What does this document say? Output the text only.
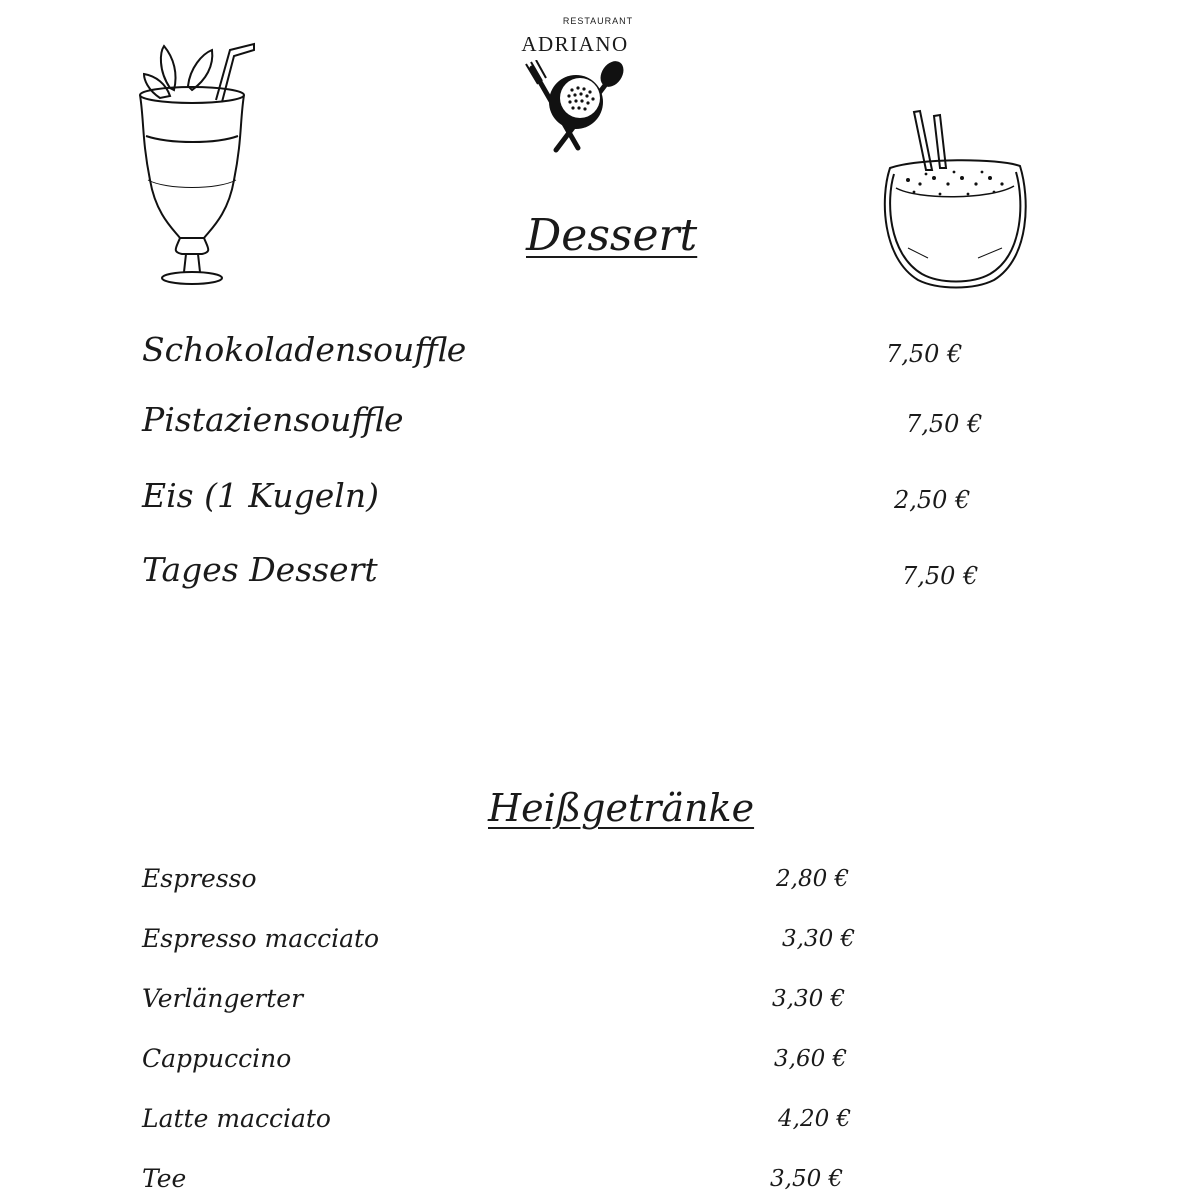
RESTAURANT
ADRIANO
Dessert
Schokoladensouffle	7,50 €
Pistaziensouffle	7,50 €
Eis (1 Kugeln)	2,50 €
Tages Dessert	7,50 €
Heißgetränke
Espresso	2,80 €
Espresso macciato	3,30 €
Verlängerter	3,30 €
Cappuccino	3,60 €
Latte macciato	4,20 €
Tee	3,50 €
